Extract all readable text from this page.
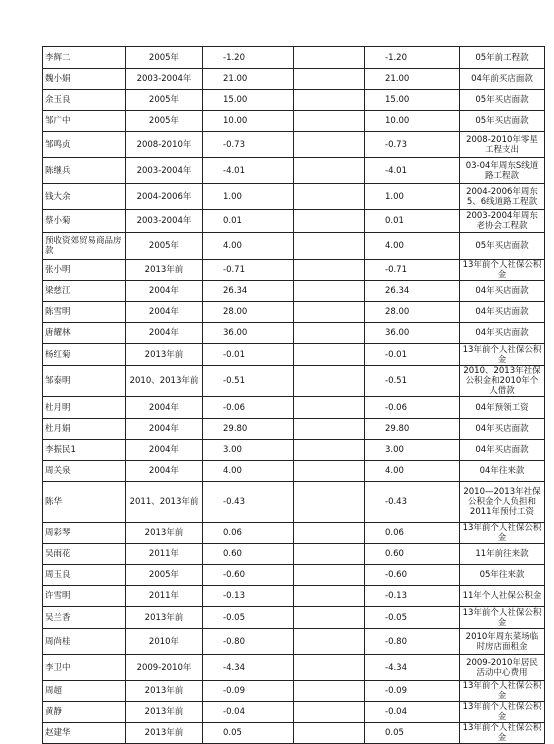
李辉二	2005年	-1.20		-1.20	05年前工程款
魏小娟	2003-2004年	21.00		21.00	04年前买店面款
余玉良	2005年	15.00		15.00	05年买店面款
邹广中	2005年	10.00		10.00	05年买店面款
邹鸣贞	2008-2010年	-0.73		-0.73	2008-2010年零星工程支出
陈继兵	2003-2004年	-4.01		-4.01	03-04年周东S线道路工程款
钱大余	2004-2006年	1.00		1.00	2004-2006年周东5、6线道路工程款
蔡小菊	2003-2004年	0.01		0.01	2003-2004年周东老协会工程款
预收资郊贸易商品房款	2005年	4.00		4.00	05年买店面款
张小明	2013年前	-0.71		-0.71	13年前个人社保公积金
梁慈江	2004年	26.34		26.34	04年买店面款
陈雪明	2004年	28.00		28.00	04年买店面款
唐耀林	2004年	36.00		36.00	04年买店面款
杨红菊	2013年前	-0.01		-0.01	13年前个人社保公积金
邹泰明	2010、2013年前	-0.51		-0.51	2010、2013年社保公积金和2010年个人借款
杜月明	2004年	-0.06		-0.06	04年预领工资
杜月娟	2004年	29.80		29.80	04年买店面款
李振民1	2004年	3.00		3.00	04年买店面款
周关泉	2004年	4.00		4.00	04年往来款
陈华	2011、2013年前	-0.43		-0.43	2010—2013年社保公积金个人负担和2011年预付工资
周彩琴	2013年前	0.06		0.06	13年前个人社保公积金
吴雨花	2011年	0.60		0.60	11年前往来款
周玉良	2005年	-0.60		-0.60	05年往来款
许雪明	2011年	-0.13		-0.13	11年个人社保公积金
吴兰香	2013年前	-0.05		-0.05	13年前个人社保公积金
周尚桂	2010年	-0.80		-0.80	2010年周东菜场临时房店面租金
李卫中	2009-2010年	-4.34		-4.34	2009-2010年居民活动中心费用
周超	2013年前	-0.09		-0.09	13年前个人社保公积金
黄静	2013年前	-0.04		-0.04	13年前个人社保公积金
赵建华	2013年前	0.05		0.05	13年前个人社保公积金
